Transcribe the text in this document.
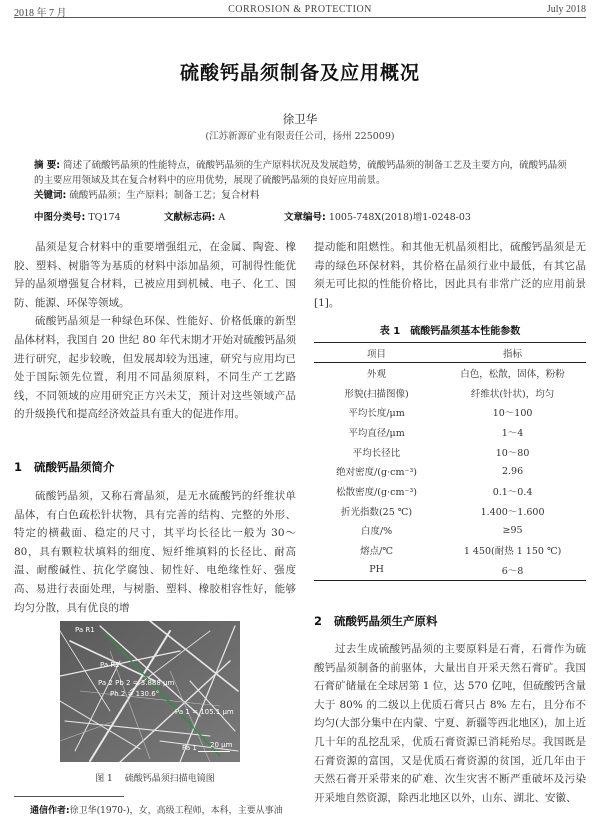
2018 年 7 月	CORROSION & PROTECTION	July 2018
硫酸钙晶须制备及应用概况
徐卫华
(江苏新源矿业有限责任公司，扬州 225009)
摘 要: 简述了硫酸钙晶须的性能特点，硫酸钙晶须的生产原料状况及发展趋势，硫酸钙晶须的制备工艺及主要方向，硫酸钙晶须的主要应用领域及其在复合材料中的应用优势，展现了硫酸钙晶须的良好应用前景。
关键词: 硫酸钙晶须；生产原料；制备工艺；复合材料
中图分类号: TQ174	文献标志码: A	文章编号: 1005-748X(2018)增1-0248-03

晶须是复合材料中的重要增强组元，在金属、陶瓷、橡胶、塑料、树脂等为基质的材料中添加晶须，可制得性能优异的晶须增强复合材料，已被应用到机械、电子、化工、国防、能源、环保等领域。

硫酸钙晶须是一种绿色环保、性能好、价格低廉的新型晶体材料，我国自 20 世纪 80 年代末期才开始对硫酸钙晶须进行研究，起步较晚，但发展却较为迅速，研究与应用均已处于国际领先位置，利用不同晶须原料，不同生产工艺路线，不同领域的应用研究正方兴未艾，预计对这些领域产品的升级换代和提高经济效益具有重大的促进作用。

1 硫酸钙晶须简介

硫酸钙晶须，又称石膏晶须，是无水硫酸钙的纤维状单晶体，有白色疏松针状物，具有完善的结构、完整的外形、特定的横截面、稳定的尺寸，其平均长径比一般为 30～80，具有颗粒状填料的细度、短纤维填料的长径比、耐高温、耐酸碱性、抗化学腐蚀、韧性好、电绝缘性好、强度高、易进行表面处理，与树脂、塑料、橡胶相容性好，能够均匀分散，具有优良的增

Pa R1
Pa R2
Pa 2 Pb 2 = 3.888 μm
Ph 2 = 130.6°
Pa 1 = 105.1 μm
Pa 1 20 μm
图 1 硫酸钙晶须扫描电镜图
通信作者:徐卫华(1970-)，女，高级工程师，本科，主要从事油

提动能和阻燃性。和其他无机晶须相比，硫酸钙晶须是无毒的绿色环保材料，其价格在晶须行业中最低，有其它晶须无可比拟的性能价格比，因此具有非常广泛的应用前景[1]。

表 1 硫酸钙晶须基本性能参数
项目	指标
外观	白色，松散，固体，粉粉
形貌(扫描图像)	纤维状(针状)，均匀
平均长度/μm	10～100
平均直径/μm	1～4
平均长径比	10～80
绝对密度/(g·cm⁻³)	2.96
松散密度/(g·cm⁻³)	0.1～0.4
折光指数(25 ℃)	1.400～1.600
白度/%	≥95
熔点/℃	1 450(耐热 1 150 ℃)
PH	6～8
2 硫酸钙晶须生产原料

过去生成硫酸钙晶须的主要原料是石膏，石膏作为硫酸钙晶须制备的前驱体，大量出自开采天然石膏矿。我国石膏矿储量在全球居第 1 位，达 570 亿吨，但硫酸钙含量大于 80% 的二级以上优质石膏只占 8% 左右，且分布不均匀(大部分集中在内蒙、宁夏、新疆等西北地区)，加上近几十年的乱挖乱采，优质石膏资源已消耗殆尽。我国既是石膏资源的富国，又是优质石膏资源的贫国，近几年由于天然石膏开采带来的矿难、次生灾害不断严重破坏及污染开采地自然资源，除西北地区以外，山东、湖北、安徽、
